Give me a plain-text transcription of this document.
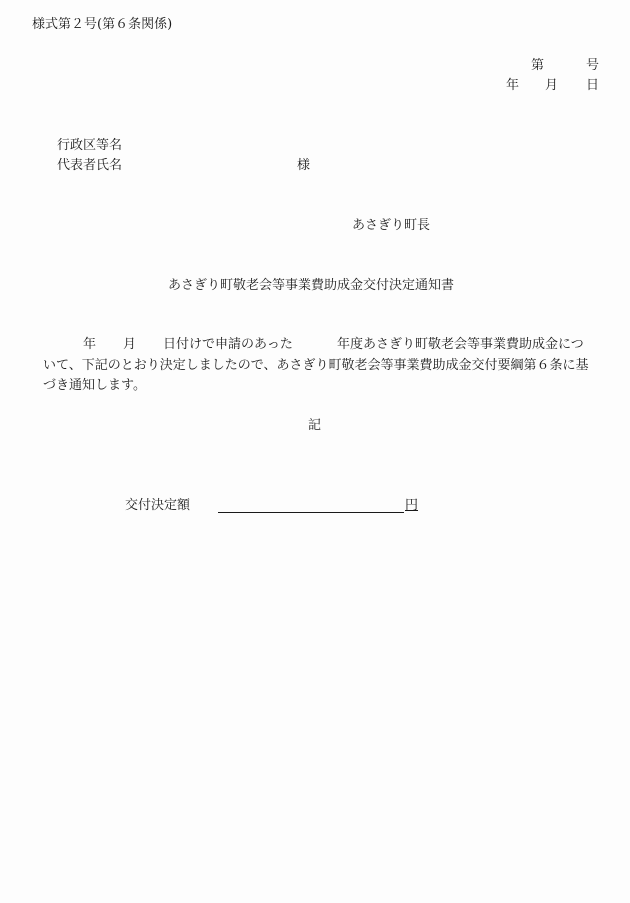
様式第２号(第６条関係)
第	号
年 月 日
行政区等名
代表者氏名	様
あさぎり町長
あさぎり町敬老会等事業費助成金交付決定通知書
年 月 日付けで申請のあった	年度あさぎり町敬老会等事業費助成金につ
いて、下記のとおり決定しましたので、あさぎり町敬老会等事業費助成金交付要綱第６条に基
づき通知します。
記
交付決定額	円
